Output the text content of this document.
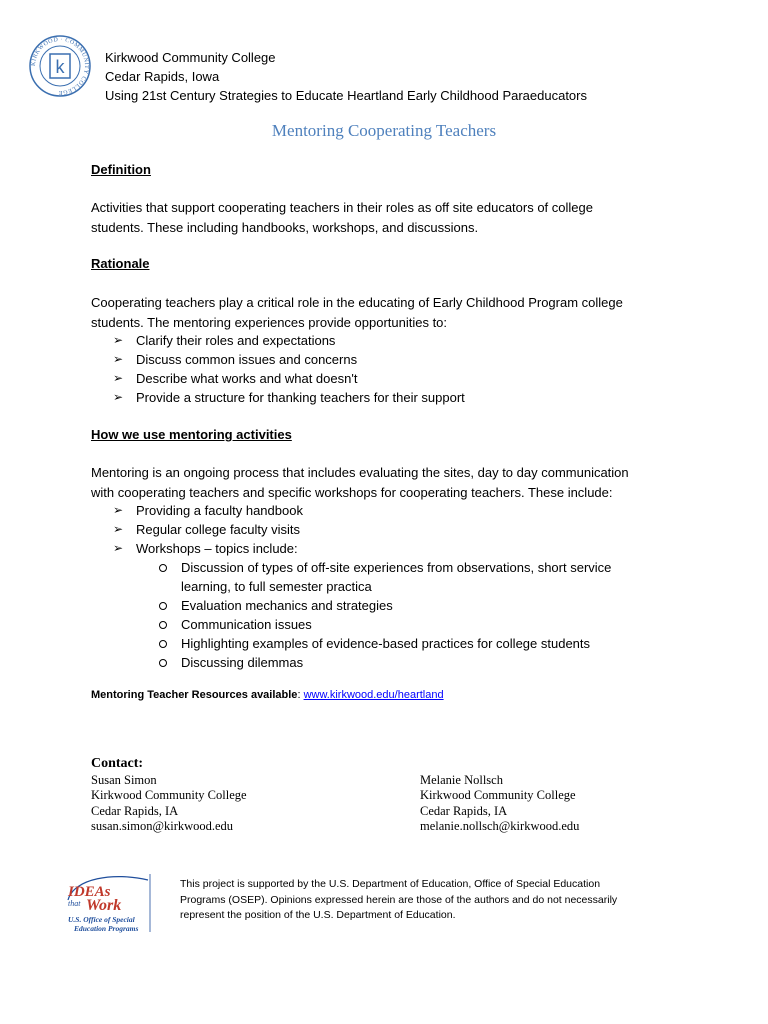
KIRKWOOD · COMMUNITY COLLEGE
k	Kirkwood Community College
Cedar Rapids, Iowa
Using 21st Century Strategies to Educate Heartland Early Childhood Paraeducators
Mentoring Cooperating Teachers
Definition
Activities that support cooperating teachers in their roles as off site educators of college
students. These including handbooks, workshops, and discussions.
Rationale
Cooperating teachers play a critical role in the educating of Early Childhood Program college
students. The mentoring experiences provide opportunities to:
➢ Clarify their roles and expectations
➢ Discuss common issues and concerns
➢ Describe what works and what doesn't
➢ Provide a structure for thanking teachers for their support
How we use mentoring activities
Mentoring is an ongoing process that includes evaluating the sites, day to day communication
with cooperating teachers and specific workshops for cooperating teachers. These include:
➢ Providing a faculty handbook
➢ Regular college faculty visits
➢ Workshops – topics include:
Discussion of types of off-site experiences from observations, short service
learning, to full semester practica
Evaluation mechanics and strategies
Communication issues
Highlighting examples of evidence-based practices for college students
Discussing dilemmas
Mentoring Teacher Resources available: www.kirkwood.edu/heartland
Contact:
Susan Simon
Kirkwood Community College
Cedar Rapids, IA
susan.simon@kirkwood.edu
Melanie Nollsch
Kirkwood Community College
Cedar Rapids, IA
melanie.nollsch@kirkwood.edu
IDEAs
that Work
U.S. Office of Special
Education Programs
This project is supported by the U.S. Department of Education, Office of Special Education
Programs (OSEP). Opinions expressed herein are those of the authors and do not necessarily
represent the position of the U.S. Department of Education.
